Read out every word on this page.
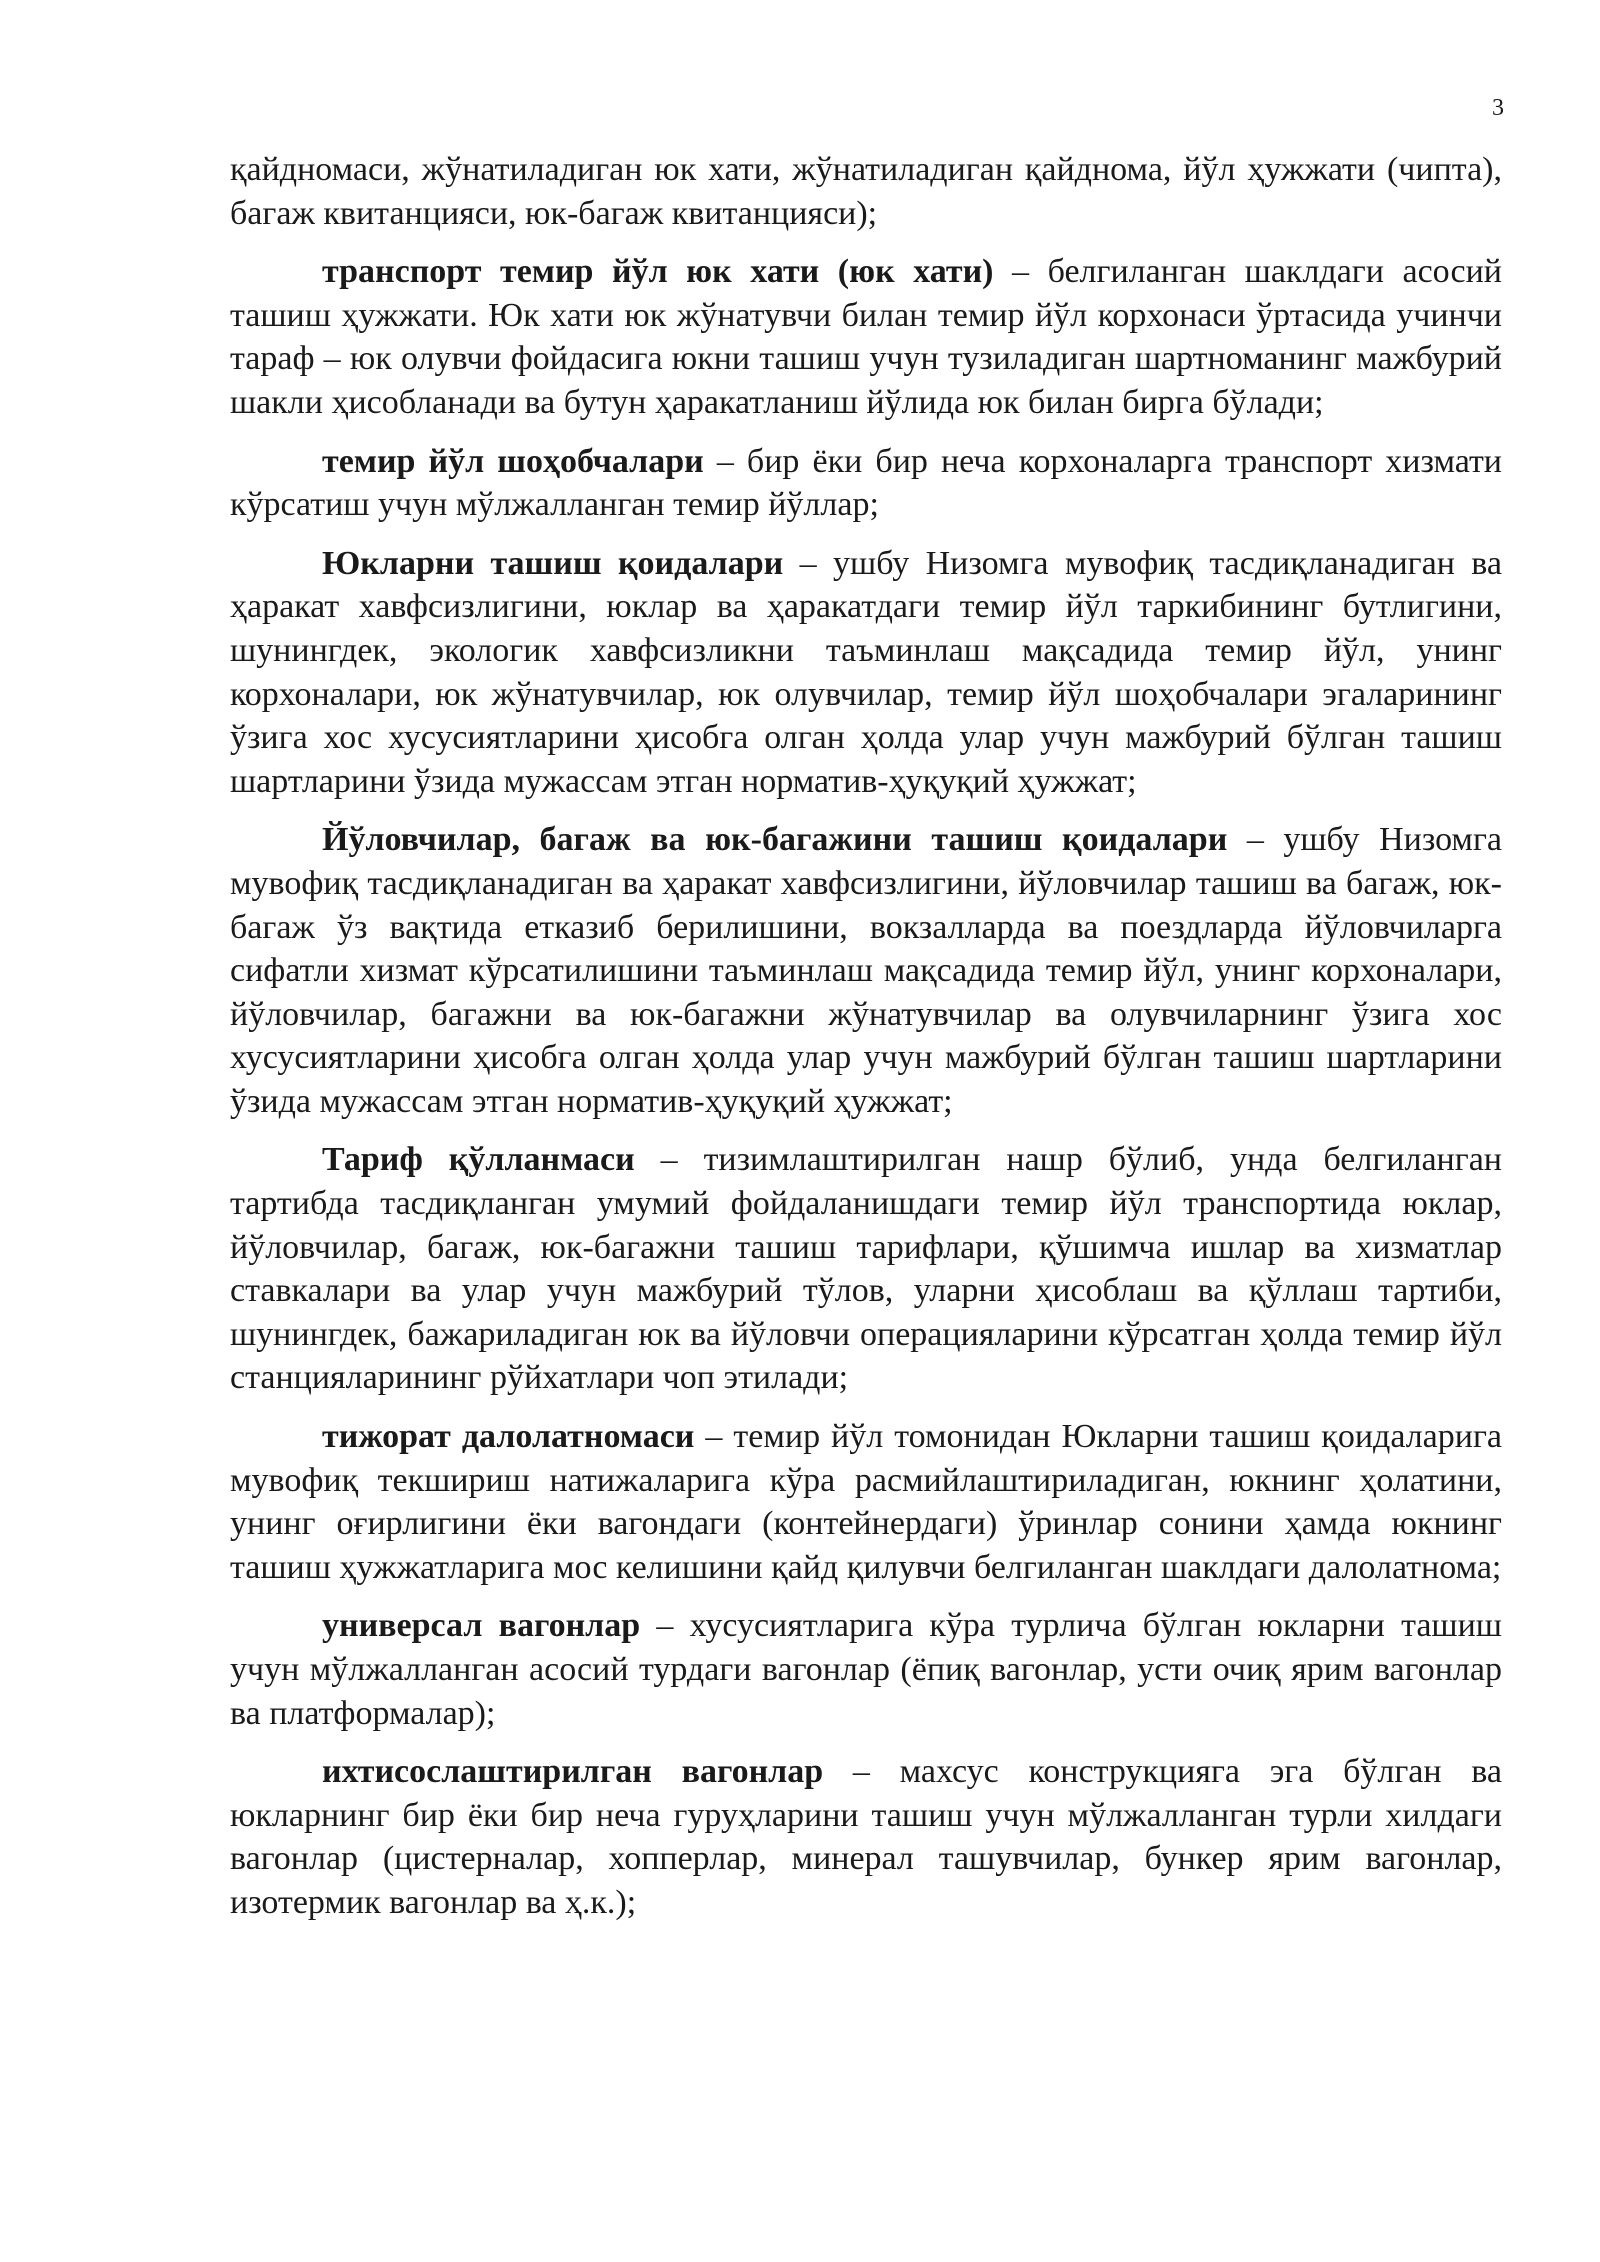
3

қайдномаси, жўнатиладиган юк хати, жўнатиладиган қайднома, йўл ҳужжати (чипта), багаж квитанцияси, юк-багаж квитанцияси);

транспорт темир йўл юк хати (юк хати) – белгиланган шаклдаги асосий ташиш ҳужжати. Юк хати юк жўнатувчи билан темир йўл корхонаси ўртасида учинчи тараф – юк олувчи фойдасига юкни ташиш учун тузиладиган шартноманинг мажбурий шакли ҳисобланади ва бутун ҳаракатланиш йўлида юк билан бирга бўлади;

темир йўл шоҳобчалари – бир ёки бир неча корхоналарга транспорт хизмати кўрсатиш учун мўлжалланган темир йўллар;

Юкларни ташиш қоидалари – ушбу Низомга мувофиқ тасдиқланадиган ва ҳаракат хавфсизлигини, юклар ва ҳаракатдаги темир йўл таркибининг бутлигини, шунингдек, экологик хавфсизликни таъминлаш мақсадида темир йўл, унинг корхоналари, юк жўнатувчилар, юк олувчилар, темир йўл шоҳобчалари эгаларининг ўзига хос хусусиятларини ҳисобга олган ҳолда улар учун мажбурий бўлган ташиш шартларини ўзида мужассам этган норматив-ҳуқуқий ҳужжат;

Йўловчилар, багаж ва юк-багажини ташиш қоидалари – ушбу Низомга мувофиқ тасдиқланадиган ва ҳаракат хавфсизлигини, йўловчилар ташиш ва багаж, юк-багаж ўз вақтида етказиб берилишини, вокзалларда ва поездларда йўловчиларга сифатли хизмат кўрсатилишини таъминлаш мақсадида темир йўл, унинг корхоналари, йўловчилар, багажни ва юк-багажни жўнатувчилар ва олувчиларнинг ўзига хос хусусиятларини ҳисобга олган ҳолда улар учун мажбурий бўлган ташиш шартларини ўзида мужассам этган норматив-ҳуқуқий ҳужжат;

Тариф қўлланмаси – тизимлаштирилган нашр бўлиб, унда белгиланган тартибда тасдиқланган умумий фойдаланишдаги темир йўл транспортида юклар, йўловчилар, багаж, юк-багажни ташиш тарифлари, қўшимча ишлар ва хизматлар ставкалари ва улар учун мажбурий тўлов, уларни ҳисоблаш ва қўллаш тартиби, шунингдек, бажариладиган юк ва йўловчи операцияларини кўрсатган ҳолда темир йўл станцияларининг рўйхатлари чоп этилади;

тижорат далолатномаси – темир йўл томонидан Юкларни ташиш қоидаларига мувофиқ текшириш натижаларига кўра расмийлаштириладиган, юкнинг ҳолатини, унинг оғирлигини ёки вагондаги (контейнердаги) ўринлар сонини ҳамда юкнинг ташиш ҳужжатларига мос келишини қайд қилувчи белгиланган шаклдаги далолатнома;

универсал вагонлар – хусусиятларига кўра турлича бўлган юкларни ташиш учун мўлжалланган асосий турдаги вагонлар (ёпиқ вагонлар, усти очиқ ярим вагонлар ва платформалар);

ихтисослаштирилган вагонлар – махсус конструкцияга эга бўлган ва юкларнинг бир ёки бир неча гуруҳларини ташиш учун мўлжалланган турли хилдаги вагонлар (цистерналар, хопперлар, минерал ташувчилар, бункер ярим вагонлар, изотермик вагонлар ва ҳ.к.);
